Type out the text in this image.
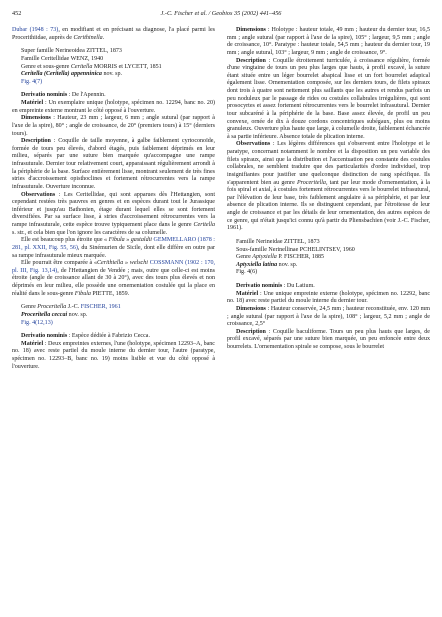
452	J.-C. Fischer et al. / Geobios 35 (2002) 441–456

Dubar (1948 : 73), en modifiant et en précisant sa diagnose, l'a placé parmi les Procerithiidae, auprès de Cerithinella.

Super famille Nerineoidea ZITTEL, 1873

Famille Ceritellidae WENZ, 1940

Genre et sous-genre Ceritella MORRIS et LYCETT, 1851

Ceritella (Ceritella) appenninica nov. sp.

Fig. 4(7)

Derivatio nominis : De l'Apennin.

Matériel : Un exemplaire unique (holotype, spécimen no. 12294, banc no. 20) en empreinte externe montrant le côté opposé à l'ouverture.

Dimensions : Hauteur, 23 mm ; largeur, 6 mm ; angle sutural (par rapport à l'axe de la spire), 80° ; angle de croissance, de 20° (premiers tours) à 15° (derniers tours).

Description : Coquille de taille moyenne, à galbe faiblement cyrtoconoïde, formée de tours peu élevés, d'abord étagés, puis faiblement déprimés en leur milieu, séparés par une suture bien marquée qu'accompagne une rampe infrasuturale. Dernier tour relativement court, apparaissant régulièrement arrondi à la périphérie de la base. Surface entièrement lisse, montrant seulement de très fines stries d'accroissement opisthoclines et fortement rétrocurrentes vers la rampe infrasuturale. Ouverture inconnue.

Observations : Les Ceritellidae, qui sont apparues dès l'Hettangien, sont cependant restées très pauvres en genres et en espèces durant tout le Jurassique inférieur et jusqu'au Bathonien, étage durant lequel elles se sont fortement diversifiées. Par sa surface lisse, à stries d'accroissement rétrocurrentes vers la rampe infrasuturale, cette espèce trouve typiquement place dans le genre Ceritella s. str., et cela bien que l'on ignore les caractères de sa columelle.

Elle est beaucoup plus étroite que « Fibula » gastaldii GEMMELLARO (1878 : 281, pl. XXII, Fig. 55, 56), du Sinémurien de Sicile, dont elle diffère en outre par sa rampe infrasuturale mieux marquée.

Elle pourrait être comparée à «Cerithiella » welschi COSSMANN (1902 : 170, pl. III, Fig. 13,14), de l'Hettangien de Vendée ; mais, outre que celle-ci est moins étroite (angle de croissance allant de 30 à 20°), avec des tours plus élevés et non déprimés en leur milieu, elle possède une ornementation costulée qui la place en réalité dans le sous-genre Fibula PIETTE, 1859.

Genre Proceritella J.-C. FISCHER, 1961

Proceritella ceccai nov. sp.

Fig. 4(12,13)

Derivatio nominis : Espèce dédiée à Fabrizio Cecca.

Matériel : Deux empreintes externes, l'une (holotype, spécimen 12293–A, banc no. 18) avec reste partiel du moule interne du dernier tour, l'autre (paratype, spécimen no. 12293–B, banc no. 19) moins lisible et vue du côté opposé à l'ouverture.

Dimensions : Holotype : hauteur totale, 49 mm ; hauteur du dernier tour, 16,5 mm ; angle sutural (par rapport à l'axe de la spire), 105° ; largeur, 9,5 mm ; angle de croissance, 10°. Paratype : hauteur totale, 54,5 mm ; hauteur du dernier tour, 19 mm ; angle sutural, 103° ; largeur, 9 mm ; angle de croissance, 9°.

Description : Coquille étroitement turriculée, à croissance régulière, formée d'une vingtaine de tours un peu plus larges que hauts, à profil excavé, la suture étant située entre un léger bourrelet abapical lisse et un fort bourrelet adapical également lisse. Ornementation composée, sur les derniers tours, de filets spiraux dont trois à quatre sont nettement plus saillants que les autres et rendus parfois un peu noduleux par le passage de rides ou costules collabrales irrégulières, qui sont prosocyrtes et assez fortement rétrocurrentes vers le bourrelet infrasutural. Dernier tour subcaréné à la périphérie de la base. Base assez élevée, de profil un peu convexe, ornée de dix à douze cordons concentriques subégaux, plus ou moins granuleux. Ouverture plus haute que large, à columelle droite, faiblement échancrée à sa partie inférieure. Absence totale de plication interne.

Observations : Les légères différences qui s'observent entre l'holotype et le paratype, concernant notamment le nombre et la disposition un peu variable des filets spiraux, ainsi que la distribution et l'accentuation peu constante des costules collabrales, ne semblent traduire que des particularités d'ordre individuel, trop insignifiantes pour justifier une quelconque distinction de rang spécifique. Ils s'apparentent bien au genre Proceritella, tant par leur mode d'ornementation, à la fois spiral et axial, à costules fortement rétrocurrentes vers le bourrelet infrasutural, par l'élévation de leur base, très faiblement angulaire à sa périphérie, et par leur absence de plication interne. Ils se distinguent cependant, par l'étroitesse de leur angle de croissance et par les détails de leur ornementation, des autres espèces de ce genre, qui n'était jusqu'ici connu qu'à partir du Pliensbachien (voir J.-C. Fischer, 1961).

Famille Nerineidae ZITTEL, 1873

Sous-famille Nerinellinae PCHELINTSEV, 1960

Genre Aptyxiella P. FISCHER, 1885

Aptyxiella latina nov. sp.

Fig. 4(6)

Derivatio nominis : Du Latium.

Matériel : Une unique empreinte externe (holotype, spécimen no. 12292, banc no. 18) avec reste partiel du moule interne du dernier tour.

Dimensions : Hauteur conservée, 24,5 mm ; hauteur reconstituée, env. 120 mm ; angle sutural (par rapport à l'axe de la spire), 108° ; largeur, 5,2 mm ; angle de croissance, 2,5°

Description : Coquille baculiforme. Tours un peu plus hauts que larges, de profil excavé, séparés par une suture bien marquée, un peu enfoncée entre deux bourrelets. L'ornementation spirale se compose, sous le bourrelet
